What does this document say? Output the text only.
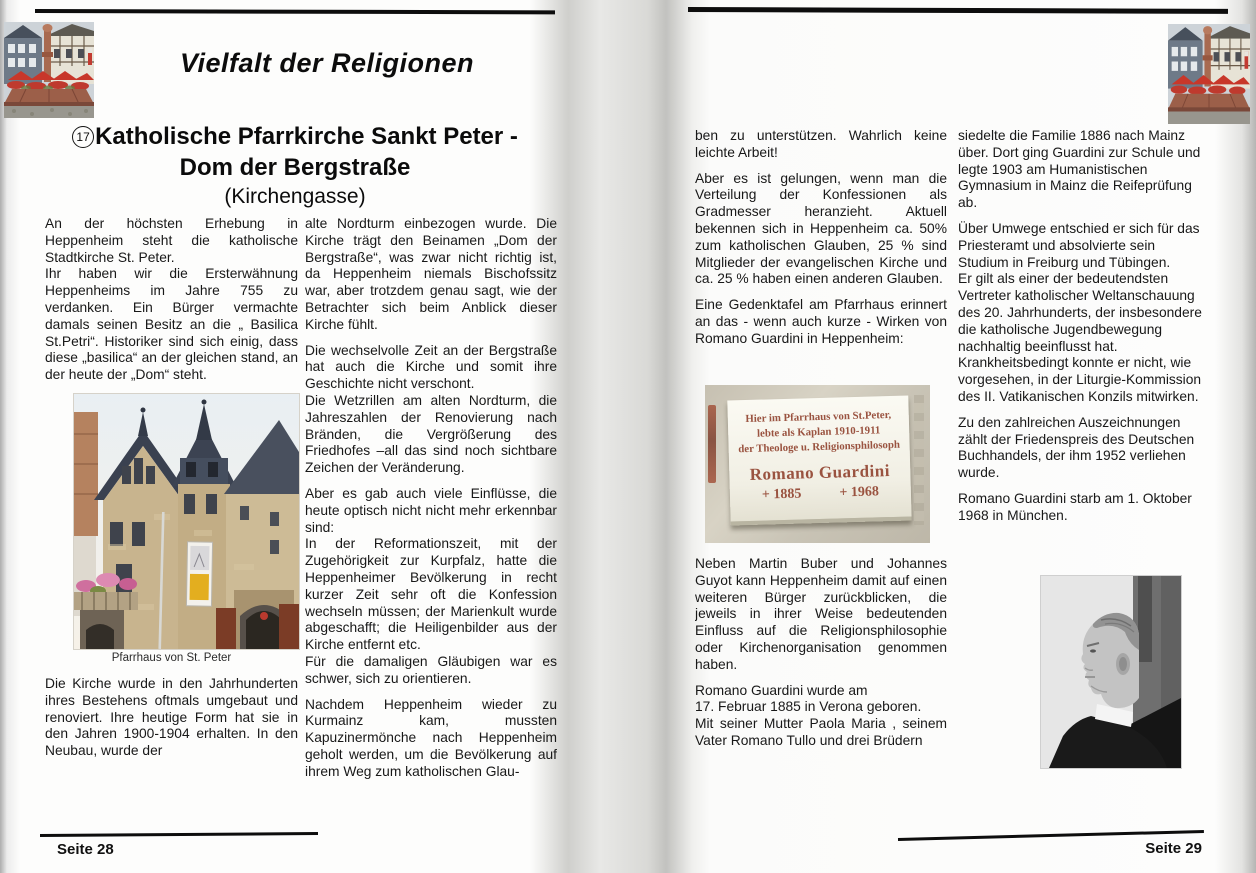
Vielfalt der Religionen
17 Katholische Pfarrkirche Sankt Peter -
Dom der Bergstraße
(Kirchengasse)

An der höchsten Erhebung in Heppenheim steht die katholische Stadtkirche St. Peter.

Ihr haben wir die Ersterwähnung Heppenheims im Jahre 755 zu verdanken. Ein Bürger vermachte damals seinen Besitz an die „ Basilica St.Petri“. Historiker sind sich einig, dass diese „basilica“ an der gleichen stand, an der heute der „Dom“ steht.

Pfarrhaus von St. Peter

Die Kirche wurde in den Jahrhunderten ihres Bestehens oftmals umgebaut und renoviert. Ihre heutige Form hat sie in den Jahren 1900-1904 erhalten. In den Neubau, wurde der

alte Nordturm einbezogen wurde. Die Kirche trägt den Beinamen „Dom der Bergstraße“, was zwar nicht richtig ist, da Heppenheim niemals Bischofssitz war, aber trotzdem genau sagt, wie der Betrachter sich beim Anblick dieser Kirche fühlt.

Die wechselvolle Zeit an der Bergstraße hat auch die Kirche und somit ihre Geschichte nicht verschont.

Die Wetzrillen am alten Nordturm, die Jahreszahlen der Renovierung nach Bränden, die Vergrößerung des Friedhofes –all das sind noch sichtbare Zeichen der Veränderung.

Aber es gab auch viele Einflüsse, die heute optisch nicht nicht mehr erkennbar sind:

In der Reformationszeit, mit der Zugehörigkeit zur Kurpfalz, hatte die Heppenheimer Bevölkerung in recht kurzer Zeit sehr oft die Konfession wechseln müssen; der Marienkult wurde abgeschafft; die Heiligenbilder aus der Kirche entfernt etc.

Für die damaligen Gläubigen war es schwer, sich zu orientieren.

Nachdem Heppenheim wieder zu Kurmainz kam, mussten Kapuzinermönche nach Heppenheim geholt werden, um die Bevölkerung auf ihrem Weg zum katholischen Glau-

ben zu unterstützen. Wahrlich keine leichte Arbeit!

Aber es ist gelungen, wenn man die Verteilung der Konfessionen als Gradmesser heranzieht. Aktuell bekennen sich in Heppenheim ca. 50% zum katholischen Glauben, 25 % sind Mitglieder der evangelischen Kirche und ca. 25 % haben einen anderen Glauben.

Eine Gedenktafel am Pfarrhaus erinnert an das - wenn auch kurze - Wirken von Romano Guardini in Heppenheim:

Hier im Pfarrhaus von St.Peter,
lebte als Kaplan 1910-1911
der Theologe u. Religionsphilosoph
Romano Guardini
+ 1885	+ 1968

Neben Martin Buber und Johannes Guyot kann Heppenheim damit auf einen weiteren Bürger zurückblicken, die jeweils in ihrer Weise bedeutenden Einfluss auf die Religionsphilosophie oder Kirchenorganisation genommen haben.

Romano Guardini wurde am

17. Februar 1885 in Verona geboren.

Mit seiner Mutter Paola Maria , seinem Vater Romano Tullo und drei Brüdern

siedelte die Familie 1886 nach Mainz über. Dort ging Guardini zur Schule und legte 1903 am Humanistischen Gymnasium in Mainz die Reifeprüfung ab.

Über Umwege entschied er sich für das Priesteramt und absolvierte sein Studium in Freiburg und Tübingen.

Er gilt als einer der bedeutendsten Vertreter katholischer Weltanschauung des 20. Jahrhunderts, der insbesondere die katholische Jugendbewegung nachhaltig beeinflusst hat.

Krankheitsbedingt konnte er nicht, wie vorgesehen, in der Liturgie-Kommission des II. Vatikanischen Konzils mitwirken.

Zu den zahlreichen Auszeichnungen zählt der Friedenspreis des Deutschen Buchhandels, der ihm 1952 verliehen wurde.

Romano Guardini starb am 1. Oktober 1968 in München.

Seite 28	Seite 29
